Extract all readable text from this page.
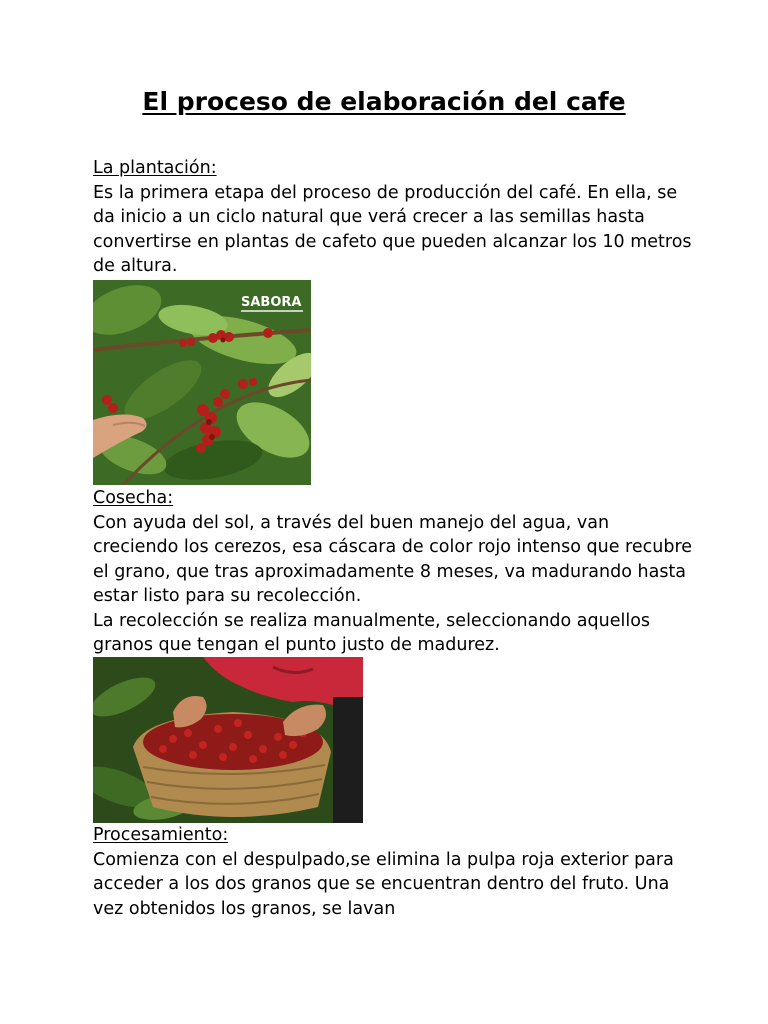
El proceso de elaboración del cafe

La plantación:

Es la primera etapa del proceso de producción del café. En ella, se da inicio a un ciclo natural que verá crecer a las semillas hasta convertirse en plantas de cafeto que pueden alcanzar los 10 metros de altura.

SABORA

Cosecha:

Con ayuda del sol, a través del buen manejo del agua, van creciendo los cerezos, esa cáscara de color rojo intenso que recubre el grano, que tras aproximadamente 8 meses, va madurando hasta estar listo para su recolección.

La recolección se realiza manualmente, seleccionando aquellos granos que tengan el punto justo de madurez.

Procesamiento:

Comienza con el despulpado,se elimina la pulpa roja exterior para acceder a los dos granos que se encuentran dentro del fruto. Una vez obtenidos los granos, se lavan
